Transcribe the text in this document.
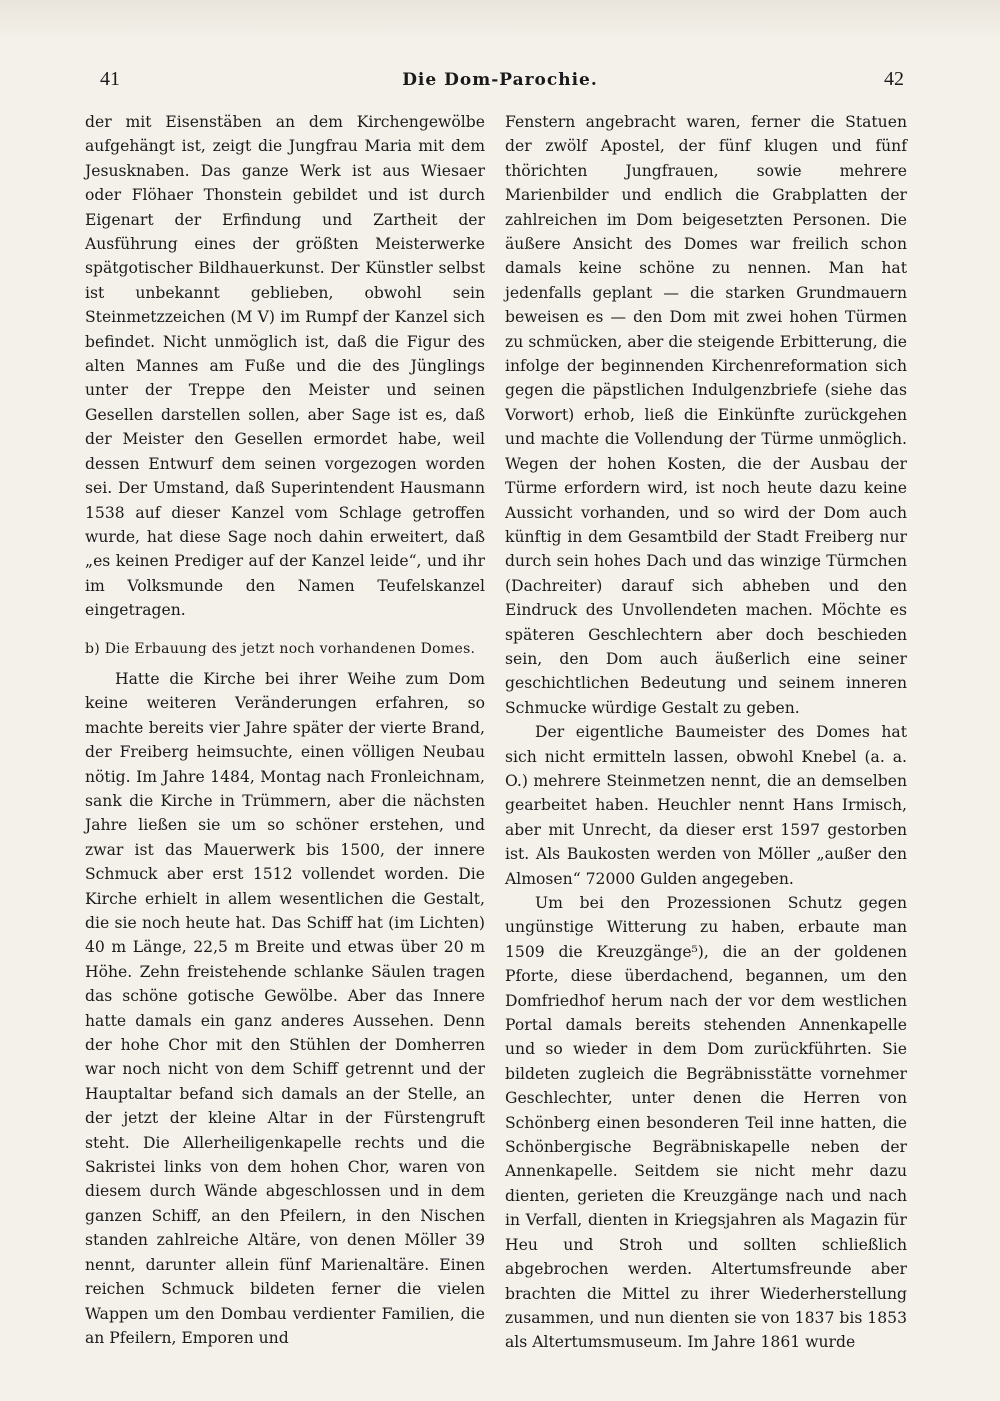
41	Die Dom-Parochie.	42

der mit Eisenstäben an dem Kirchengewölbe aufgehängt ist, zeigt die Jungfrau Maria mit dem Jesusknaben. Das ganze Werk ist aus Wiesaer oder Flöhaer Thonstein gebildet und ist durch Eigenart der Erfindung und Zartheit der Ausführung eines der größten Meisterwerke spätgotischer Bildhauerkunst. Der Künstler selbst ist unbekannt geblieben, obwohl sein Steinmetzzeichen (M V) im Rumpf der Kanzel sich befindet. Nicht unmöglich ist, daß die Figur des alten Mannes am Fuße und die des Jünglings unter der Treppe den Meister und seinen Gesellen darstellen sollen, aber Sage ist es, daß der Meister den Gesellen ermordet habe, weil dessen Entwurf dem seinen vorgezogen worden sei. Der Umstand, daß Superintendent Hausmann 1538 auf dieser Kanzel vom Schlage getroffen wurde, hat diese Sage noch dahin erweitert, daß „es keinen Prediger auf der Kanzel leide“, und ihr im Volksmunde den Namen Teufelskanzel eingetragen.

b) Die Erbauung des jetzt noch vorhandenen Domes.

Hatte die Kirche bei ihrer Weihe zum Dom keine weiteren Veränderungen erfahren, so machte bereits vier Jahre später der vierte Brand, der Freiberg heimsuchte, einen völligen Neubau nötig. Im Jahre 1484, Montag nach Fronleichnam, sank die Kirche in Trümmern, aber die nächsten Jahre ließen sie um so schöner erstehen, und zwar ist das Mauerwerk bis 1500, der innere Schmuck aber erst 1512 vollendet worden. Die Kirche erhielt in allem wesentlichen die Gestalt, die sie noch heute hat. Das Schiff hat (im Lichten) 40 m Länge, 22,5 m Breite und etwas über 20 m Höhe. Zehn freistehende schlanke Säulen tragen das schöne gotische Gewölbe. Aber das Innere hatte damals ein ganz anderes Aussehen. Denn der hohe Chor mit den Stühlen der Domherren war noch nicht von dem Schiff getrennt und der Hauptaltar befand sich damals an der Stelle, an der jetzt der kleine Altar in der Fürstengruft steht. Die Allerheiligenkapelle rechts und die Sakristei links von dem hohen Chor, waren von diesem durch Wände abgeschlossen und in dem ganzen Schiff, an den Pfeilern, in den Nischen standen zahlreiche Altäre, von denen Möller 39 nennt, darunter allein fünf Marienaltäre. Einen reichen Schmuck bildeten ferner die vielen Wappen um den Dombau verdienter Familien, die an Pfeilern, Emporen und

Fenstern angebracht waren, ferner die Statuen der zwölf Apostel, der fünf klugen und fünf thörichten Jungfrauen, sowie mehrere Marienbilder und endlich die Grabplatten der zahlreichen im Dom beigesetzten Personen. Die äußere Ansicht des Domes war freilich schon damals keine schöne zu nennen. Man hat jedenfalls geplant — die starken Grundmauern beweisen es — den Dom mit zwei hohen Türmen zu schmücken, aber die steigende Erbitterung, die infolge der beginnenden Kirchenreformation sich gegen die päpstlichen Indulgenzbriefe (siehe das Vorwort) erhob, ließ die Einkünfte zurückgehen und machte die Vollendung der Türme unmöglich. Wegen der hohen Kosten, die der Ausbau der Türme erfordern wird, ist noch heute dazu keine Aussicht vorhanden, und so wird der Dom auch künftig in dem Gesamtbild der Stadt Freiberg nur durch sein hohes Dach und das winzige Türmchen (Dachreiter) darauf sich abheben und den Eindruck des Unvollendeten machen. Möchte es späteren Geschlechtern aber doch beschieden sein, den Dom auch äußerlich eine seiner geschichtlichen Bedeutung und seinem inneren Schmucke würdige Gestalt zu geben.

Der eigentliche Baumeister des Domes hat sich nicht ermitteln lassen, obwohl Knebel (a. a. O.) mehrere Steinmetzen nennt, die an demselben gearbeitet haben. Heuchler nennt Hans Irmisch, aber mit Unrecht, da dieser erst 1597 gestorben ist. Als Baukosten werden von Möller „außer den Almosen“ 72000 Gulden angegeben.

Um bei den Prozessionen Schutz gegen ungünstige Witterung zu haben, erbaute man 1509 die Kreuzgänge⁵), die an der goldenen Pforte, diese überdachend, begannen, um den Domfriedhof herum nach der vor dem westlichen Portal damals bereits stehenden Annenkapelle und so wieder in dem Dom zurückführten. Sie bildeten zugleich die Begräbnisstätte vornehmer Geschlechter, unter denen die Herren von Schönberg einen besonderen Teil inne hatten, die Schönbergische Begräbniskapelle neben der Annenkapelle. Seitdem sie nicht mehr dazu dienten, gerieten die Kreuzgänge nach und nach in Verfall, dienten in Kriegsjahren als Magazin für Heu und Stroh und sollten schließlich abgebrochen werden. Altertumsfreunde aber brachten die Mittel zu ihrer Wiederherstellung zusammen, und nun dienten sie von 1837 bis 1853 als Altertumsmuseum. Im Jahre 1861 wurde
